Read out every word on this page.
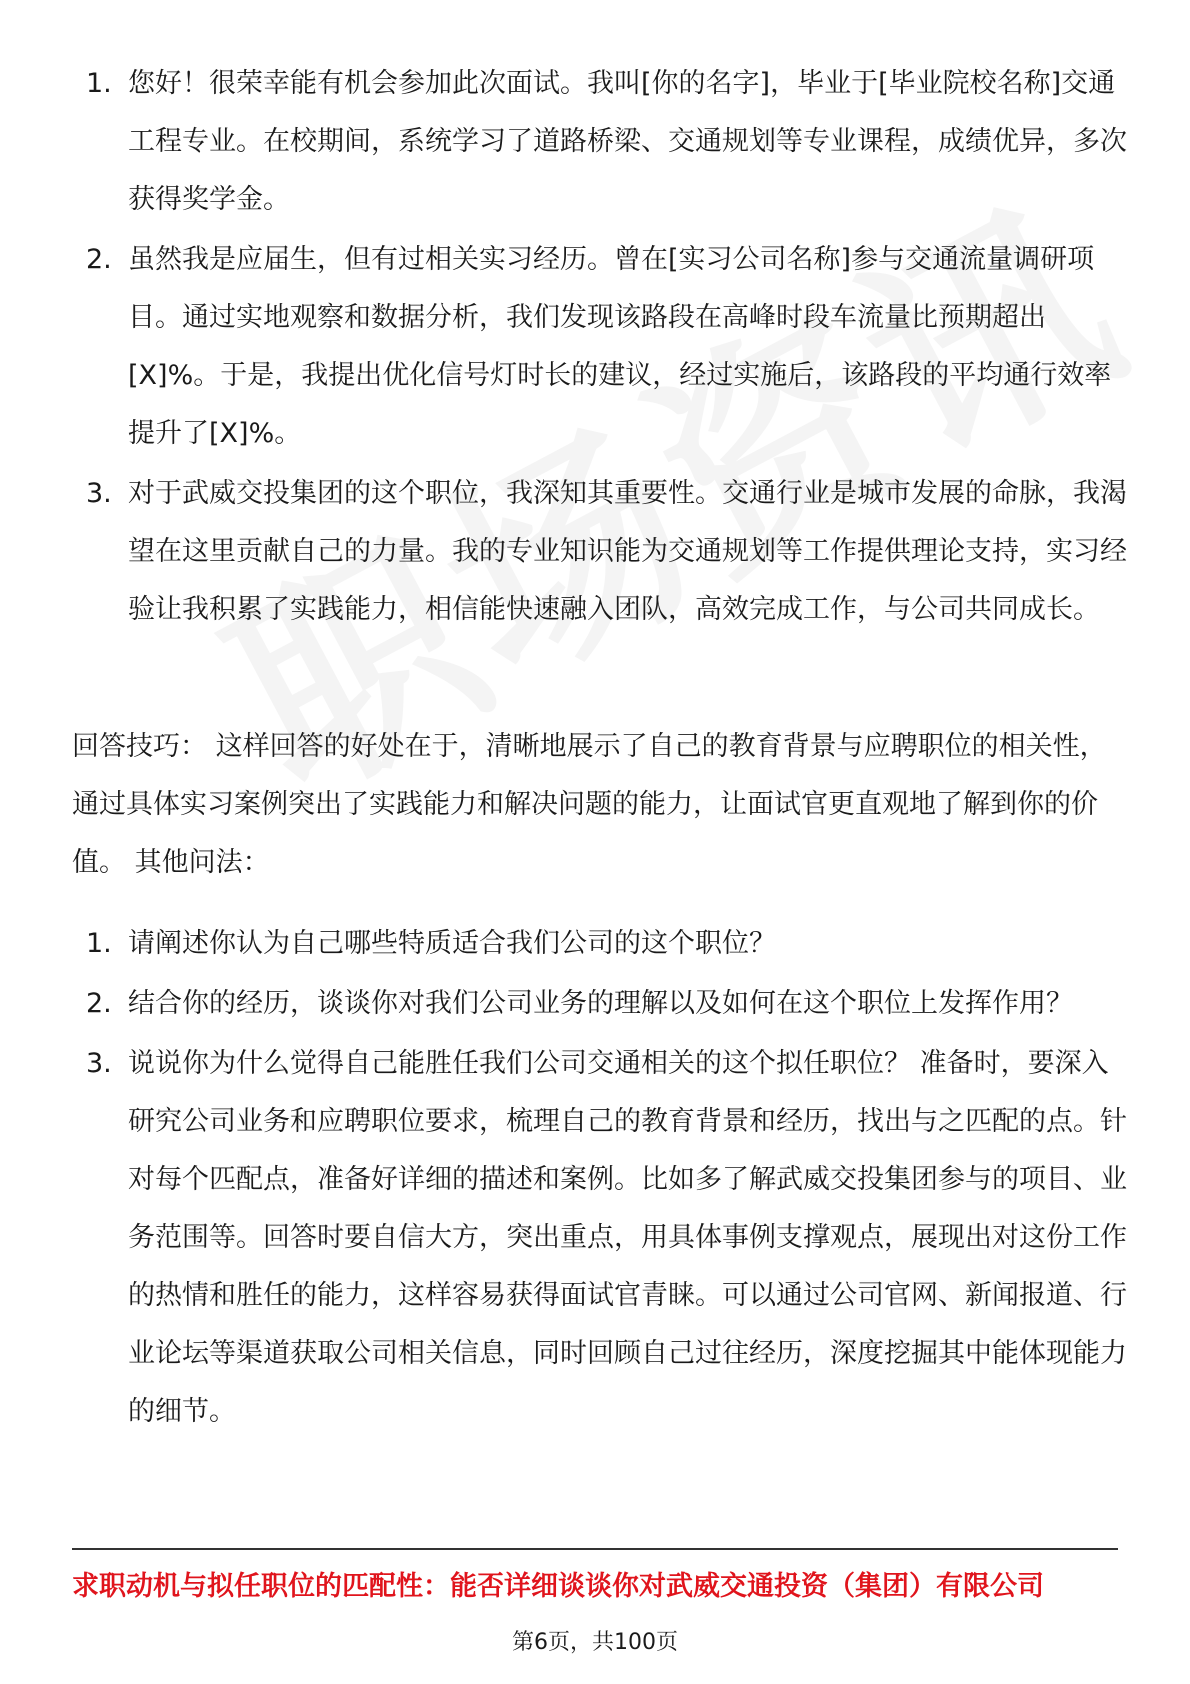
1. 您好！很荣幸能有机会参加此次面试。我叫[你的名字]，毕业于[毕业院校名称]交通工程专业。在校期间，系统学习了道路桥梁、交通规划等专业课程，成绩优异，多次获得奖学金。
2. 虽然我是应届生，但有过相关实习经历。曾在[实习公司名称]参与交通流量调研项目。通过实地观察和数据分析，我们发现该路段在高峰时段车流量比预期超出[X]%。于是，我提出优化信号灯时长的建议，经过实施后，该路段的平均通行效率提升了[X]%。
3. 对于武威交投集团的这个职位，我深知其重要性。交通行业是城市发展的命脉，我渴望在这里贡献自己的力量。我的专业知识能为交通规划等工作提供理论支持，实习经验让我积累了实践能力，相信能快速融入团队，高效完成工作，与公司共同成长。

回答技巧： 这样回答的好处在于，清晰地展示了自己的教育背景与应聘职位的相关性，通过具体实习案例突出了实践能力和解决问题的能力，让面试官更直观地了解到你的价值。 其他问法：

1. 请阐述你认为自己哪些特质适合我们公司的这个职位？
2. 结合你的经历，谈谈你对我们公司业务的理解以及如何在这个职位上发挥作用？
3. 说说你为什么觉得自己能胜任我们公司交通相关的这个拟任职位？ 准备时，要深入研究公司业务和应聘职位要求，梳理自己的教育背景和经历，找出与之匹配的点。针对每个匹配点，准备好详细的描述和案例。比如多了解武威交投集团参与的项目、业务范围等。回答时要自信大方，突出重点，用具体事例支撑观点，展现出对这份工作的热情和胜任的能力，这样容易获得面试官青睐。可以通过公司官网、新闻报道、行业论坛等渠道获取公司相关信息，同时回顾自己过往经历，深度挖掘其中能体现能力的细节。
求职动机与拟任职位的匹配性：能否详细谈谈你对武威交通投资（集团）有限公司
第6页，共100页
